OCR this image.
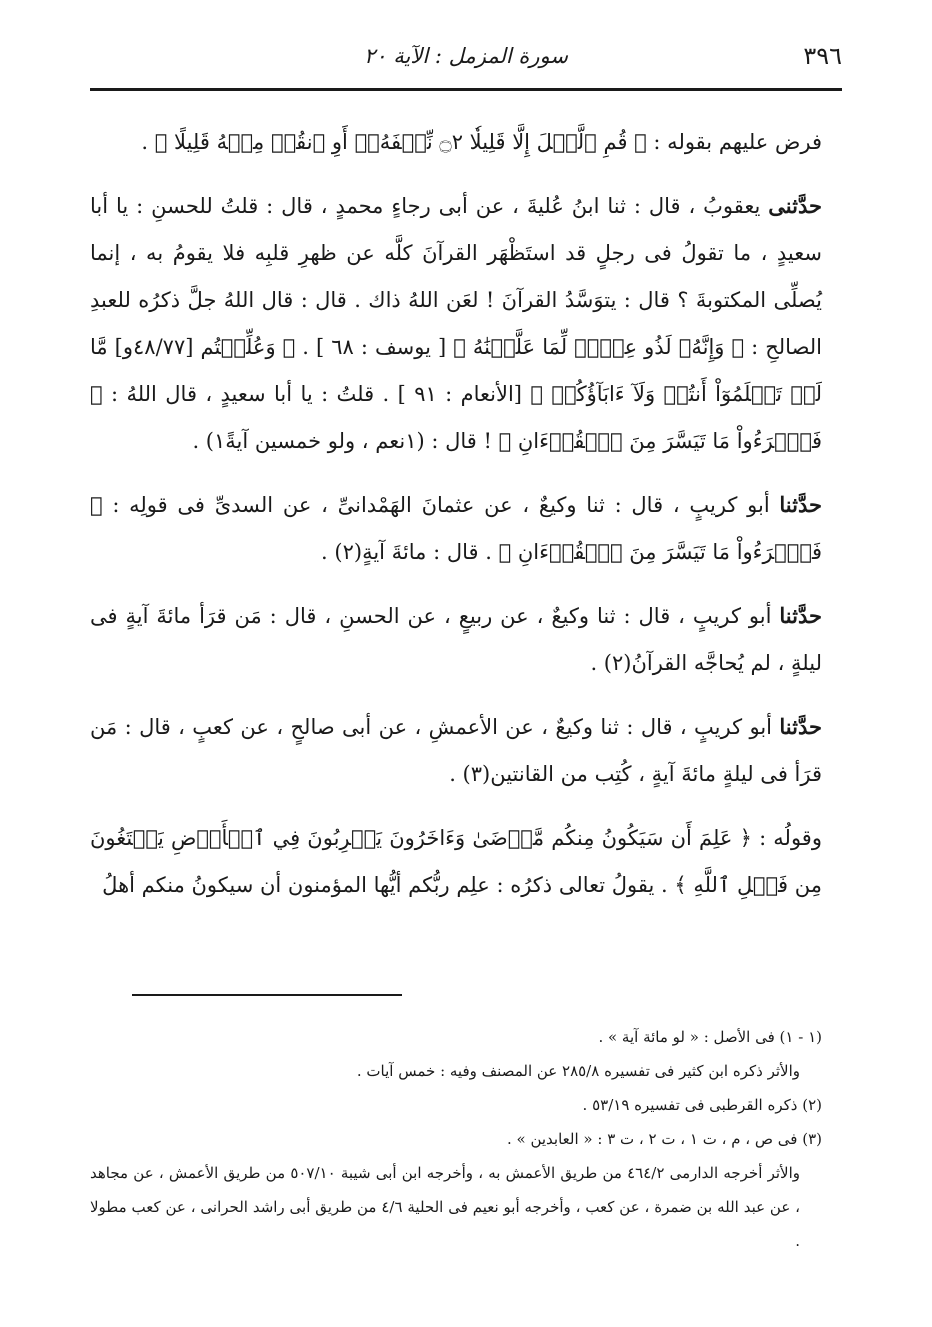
٣٩٦
سورة المزمل : الآية ٢٠

فرض عليهم بقوله : ﴿ قُمِ ٱلَّيۡلَ إِلَّا قَلِيلٗا ۝٢ نِّصۡفَهُۥٓ أَوِ ٱنقُصۡ مِنۡهُ قَلِيلًا ﴾ .

حدَّثنى يعقوبُ ، قال : ثنا ابنُ عُليةَ ، عن أبى رجاءٍ محمدٍ ، قال : قلتُ للحسنِ : يا أبا سعيدٍ ، ما تقولُ فى رجلٍ قد استَظْهَر القرآنَ كلَّه عن ظهرِ قلبِه فلا يقومُ به ، إنما يُصلِّى المكتوبةَ ؟ قال : يتوَسَّدُ القرآنَ ! لعَن اللهُ ذاك . قال : قال اللهُ جلَّ ذكرُه للعبدِ الصالحِ : ﴿ وَإِنَّهُۥ لَذُو عِلۡمٖ لِّمَا عَلَّمۡنَٰهُ ﴾ [ يوسف : ٦٨ ] . ﴿ وَعُلِّمۡتُم [٤٨/٧٧و] مَّا لَمۡ تَعۡلَمُوٓاْ أَنتُمۡ وَلَآ ءَابَآؤُكُمۡ ﴾ [الأنعام : ٩١ ] . قلتُ : يا أبا سعيدٍ ، قال اللهُ : ﴿ فَٱقۡرَءُواْ مَا تَيَسَّرَ مِنَ ٱلۡقُرۡءَانِ ﴾ ! قال : (١نعم ، ولو خمسين آيةً١) .

حدَّثنا أبو كريبٍ ، قال : ثنا وكيعٌ ، عن عثمانَ الهَمْدانىِّ ، عن السدىِّ فى قولِه : ﴿ فَٱقۡرَءُواْ مَا تَيَسَّرَ مِنَ ٱلۡقُرۡءَانِ ﴾ . قال : مائةَ آيةٍ(٢) .

حدَّثنا أبو كريبٍ ، قال : ثنا وكيعٌ ، عن ربيعٍ ، عن الحسنِ ، قال : مَن قرَأ مائةَ آيةٍ فى ليلةٍ ، لم يُحاجَّه القرآنُ(٢) .

حدَّثنا أبو كريبٍ ، قال : ثنا وكيعٌ ، عن الأعمشِ ، عن أبى صالحٍ ، عن كعبٍ ، قال : مَن قرَأ فى ليلةٍ مائةَ آيةٍ ، كُتِب من القانتين(٣) .

وقولُه : ﴿ عَلِمَ أَن سَيَكُونُ مِنكُم مَّرۡضَىٰ وَءَاخَرُونَ يَضۡرِبُونَ فِي ٱلۡأَرۡضِ يَبۡتَغُونَ مِن فَضۡلِ ٱللَّهِ ﴾ . يقولُ تعالى ذكرُه : علِم ربُّكم أيُّها المؤمنون أن سيكونُ منكم أهلُ

(١ - ١) فى الأصل : « لو مائة آية » .

والأثر ذكره ابن كثير فى تفسيره ٢٨٥/٨ عن المصنف وفيه : خمس آيات .

(٢) ذكره القرطبى فى تفسيره ٥٣/١٩ .

(٣) فى ص ، م ، ت ١ ، ت ٢ ، ت ٣ : « العابدين » .

والأثر أخرجه الدارمى ٤٦٤/٢ من طريق الأعمش به ، وأخرجه ابن أبى شيبة ٥٠٧/١٠ من طريق الأعمش ، عن مجاهد ، عن عبد الله بن ضمرة ، عن كعب ، وأخرجه أبو نعيم فى الحلية ٤/٦ من طريق أبى راشد الحرانى ، عن كعب مطولا .
